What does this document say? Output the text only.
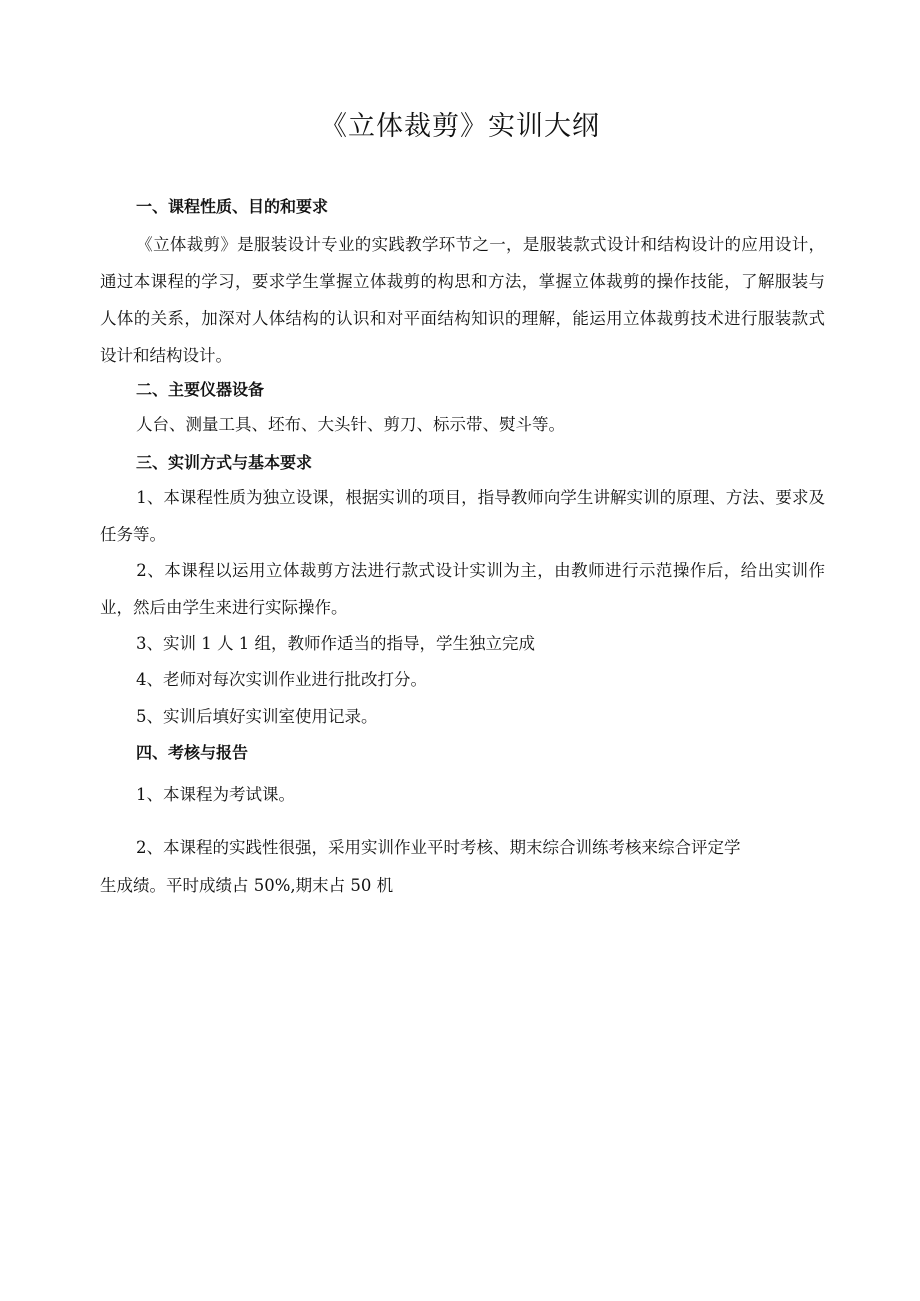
《立体裁剪》实训大纲
一、课程性质、目的和要求
《立体裁剪》是服装设计专业的实践教学环节之一，是服装款式设计和结构设计的应用设计，通过本课程的学习，要求学生掌握立体裁剪的构思和方法，掌握立体裁剪的操作技能，了解服装与人体的关系，加深对人体结构的认识和对平面结构知识的理解，能运用立体裁剪技术进行服装款式设计和结构设计。
二、主要仪器设备
人台、测量工具、坯布、大头针、剪刀、标示带、熨斗等。
三、实训方式与基本要求
1、本课程性质为独立设课，根据实训的项目，指导教师向学生讲解实训的原理、方法、要求及任务等。
2、本课程以运用立体裁剪方法进行款式设计实训为主，由教师进行示范操作后，给出实训作业，然后由学生来进行实际操作。
3、实训 1 人 1 组，教师作适当的指导，学生独立完成
4、老师对每次实训作业进行批改打分。
5、实训后填好实训室使用记录。
四、考核与报告
1、本课程为考试课。
2、本课程的实践性很强，采用实训作业平时考核、期末综合训练考核来综合评定学
生成绩。平时成绩占 50%,期末占 50 机
